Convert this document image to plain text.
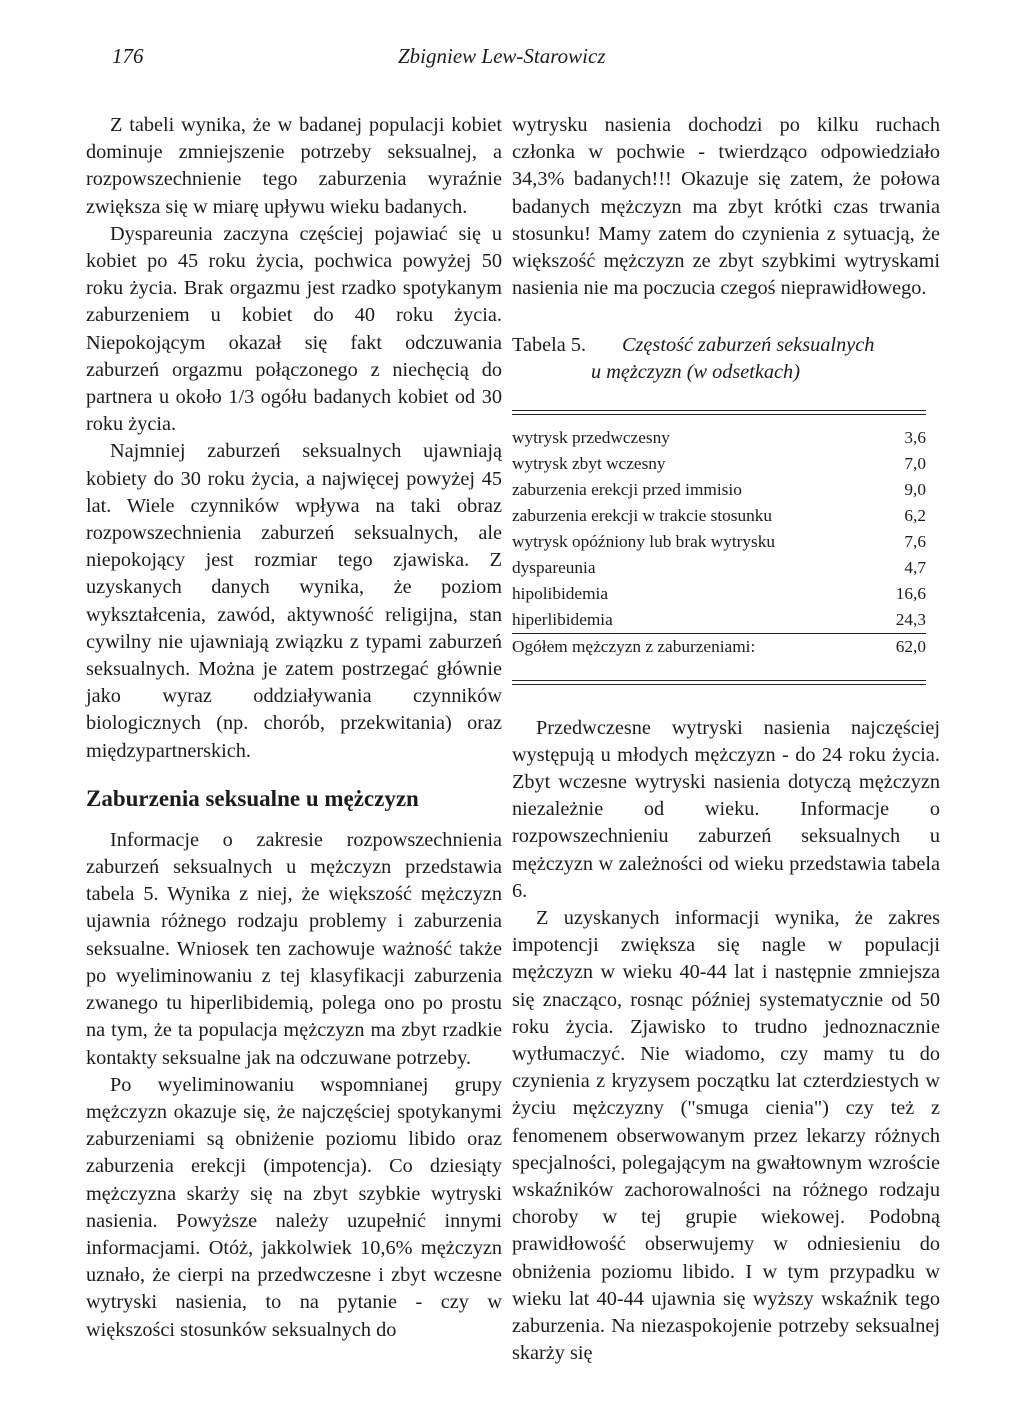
176	Zbigniew Lew-Starowicz

Z tabeli wynika, że w badanej populacji kobiet dominuje zmniejszenie potrzeby seksualnej, a rozpowszechnienie tego zaburzenia wyraźnie zwiększa się w miarę upływu wieku badanych.

Dyspareunia zaczyna częściej pojawiać się u kobiet po 45 roku życia, pochwica powyżej 50 roku życia. Brak orgazmu jest rzadko spotykanym zaburzeniem u kobiet do 40 roku życia. Niepokojącym okazał się fakt odczuwania zaburzeń orgazmu połączonego z niechęcią do partnera u około 1/3 ogółu badanych kobiet od 30 roku życia.

Najmniej zaburzeń seksualnych ujawniają kobiety do 30 roku życia, a najwięcej powyżej 45 lat. Wiele czynników wpływa na taki obraz rozpowszechnienia zaburzeń seksualnych, ale niepokojący jest rozmiar tego zjawiska. Z uzyskanych danych wynika, że poziom wykształcenia, zawód, aktywność religijna, stan cywilny nie ujawniają związku z typami zaburzeń seksualnych. Można je zatem postrzegać głównie jako wyraz oddziaływania czynników biologicznych (np. chorób, przekwitania) oraz międzypartnerskich.

Zaburzenia seksualne u mężczyzn

Informacje o zakresie rozpowszechnienia zaburzeń seksualnych u mężczyzn przedstawia tabela 5. Wynika z niej, że większość mężczyzn ujawnia różnego rodzaju problemy i zaburzenia seksualne. Wniosek ten zachowuje ważność także po wyeliminowaniu z tej klasyfikacji zaburzenia zwanego tu hiperlibidemią, polega ono po prostu na tym, że ta populacja mężczyzn ma zbyt rzadkie kontakty seksualne jak na odczuwane potrzeby.

Po wyeliminowaniu wspomnianej grupy mężczyzn okazuje się, że najczęściej spotykanymi zaburzeniami są obniżenie poziomu libido oraz zaburzenia erekcji (impotencja). Co dziesiąty mężczyzna skarży się na zbyt szybkie wytryski nasienia. Powyższe należy uzupełnić innymi informacjami. Otóż, jakkolwiek 10,6% mężczyzn uznało, że cierpi na przedwczesne i zbyt wczesne wytryski nasienia, to na pytanie - czy w większości stosunków seksualnych do

wytrysku nasienia dochodzi po kilku ruchach członka w pochwie - twierdząco odpowiedziało 34,3% badanych!!! Okazuje się zatem, że połowa badanych mężczyzn ma zbyt krótki czas trwania stosunku! Mamy zatem do czynienia z sytuacją, że większość mężczyzn ze zbyt szybkimi wytryskami nasienia nie ma poczucia czegoś nieprawidłowego.

Tabela 5. Częstość zaburzeń seksualnych
u mężczyzn (w odsetkach)
wytrysk przedwczesny	3,6
wytrysk zbyt wczesny	7,0
zaburzenia erekcji przed immisio	9,0
zaburzenia erekcji w trakcie stosunku	6,2
wytrysk opóźniony lub brak wytrysku	7,6
dyspareunia	4,7
hipolibidemia	16,6
hiperlibidemia	24,3
Ogółem mężczyzn z zaburzeniami:	62,0

Przedwczesne wytryski nasienia najczęściej występują u młodych mężczyzn - do 24 roku życia. Zbyt wczesne wytryski nasienia dotyczą mężczyzn niezależnie od wieku. Informacje o rozpowszechnieniu zaburzeń seksualnych u mężczyzn w zależności od wieku przedstawia tabela 6.

Z uzyskanych informacji wynika, że zakres impotencji zwiększa się nagle w populacji mężczyzn w wieku 40-44 lat i następnie zmniejsza się znacząco, rosnąc później systematycznie od 50 roku życia. Zjawisko to trudno jednoznacznie wytłumaczyć. Nie wiadomo, czy mamy tu do czynienia z kryzysem początku lat czterdziestych w życiu mężczyzny ("smuga cienia") czy też z fenomenem obserwowanym przez lekarzy różnych specjalności, polegającym na gwałtownym wzroście wskaźników zachorowalności na różnego rodzaju choroby w tej grupie wiekowej. Podobną prawidłowość obserwujemy w odniesieniu do obniżenia poziomu libido. I w tym przypadku w wieku lat 40-44 ujawnia się wyższy wskaźnik tego zaburzenia. Na niezaspokojenie potrzeby seksualnej skarży się
